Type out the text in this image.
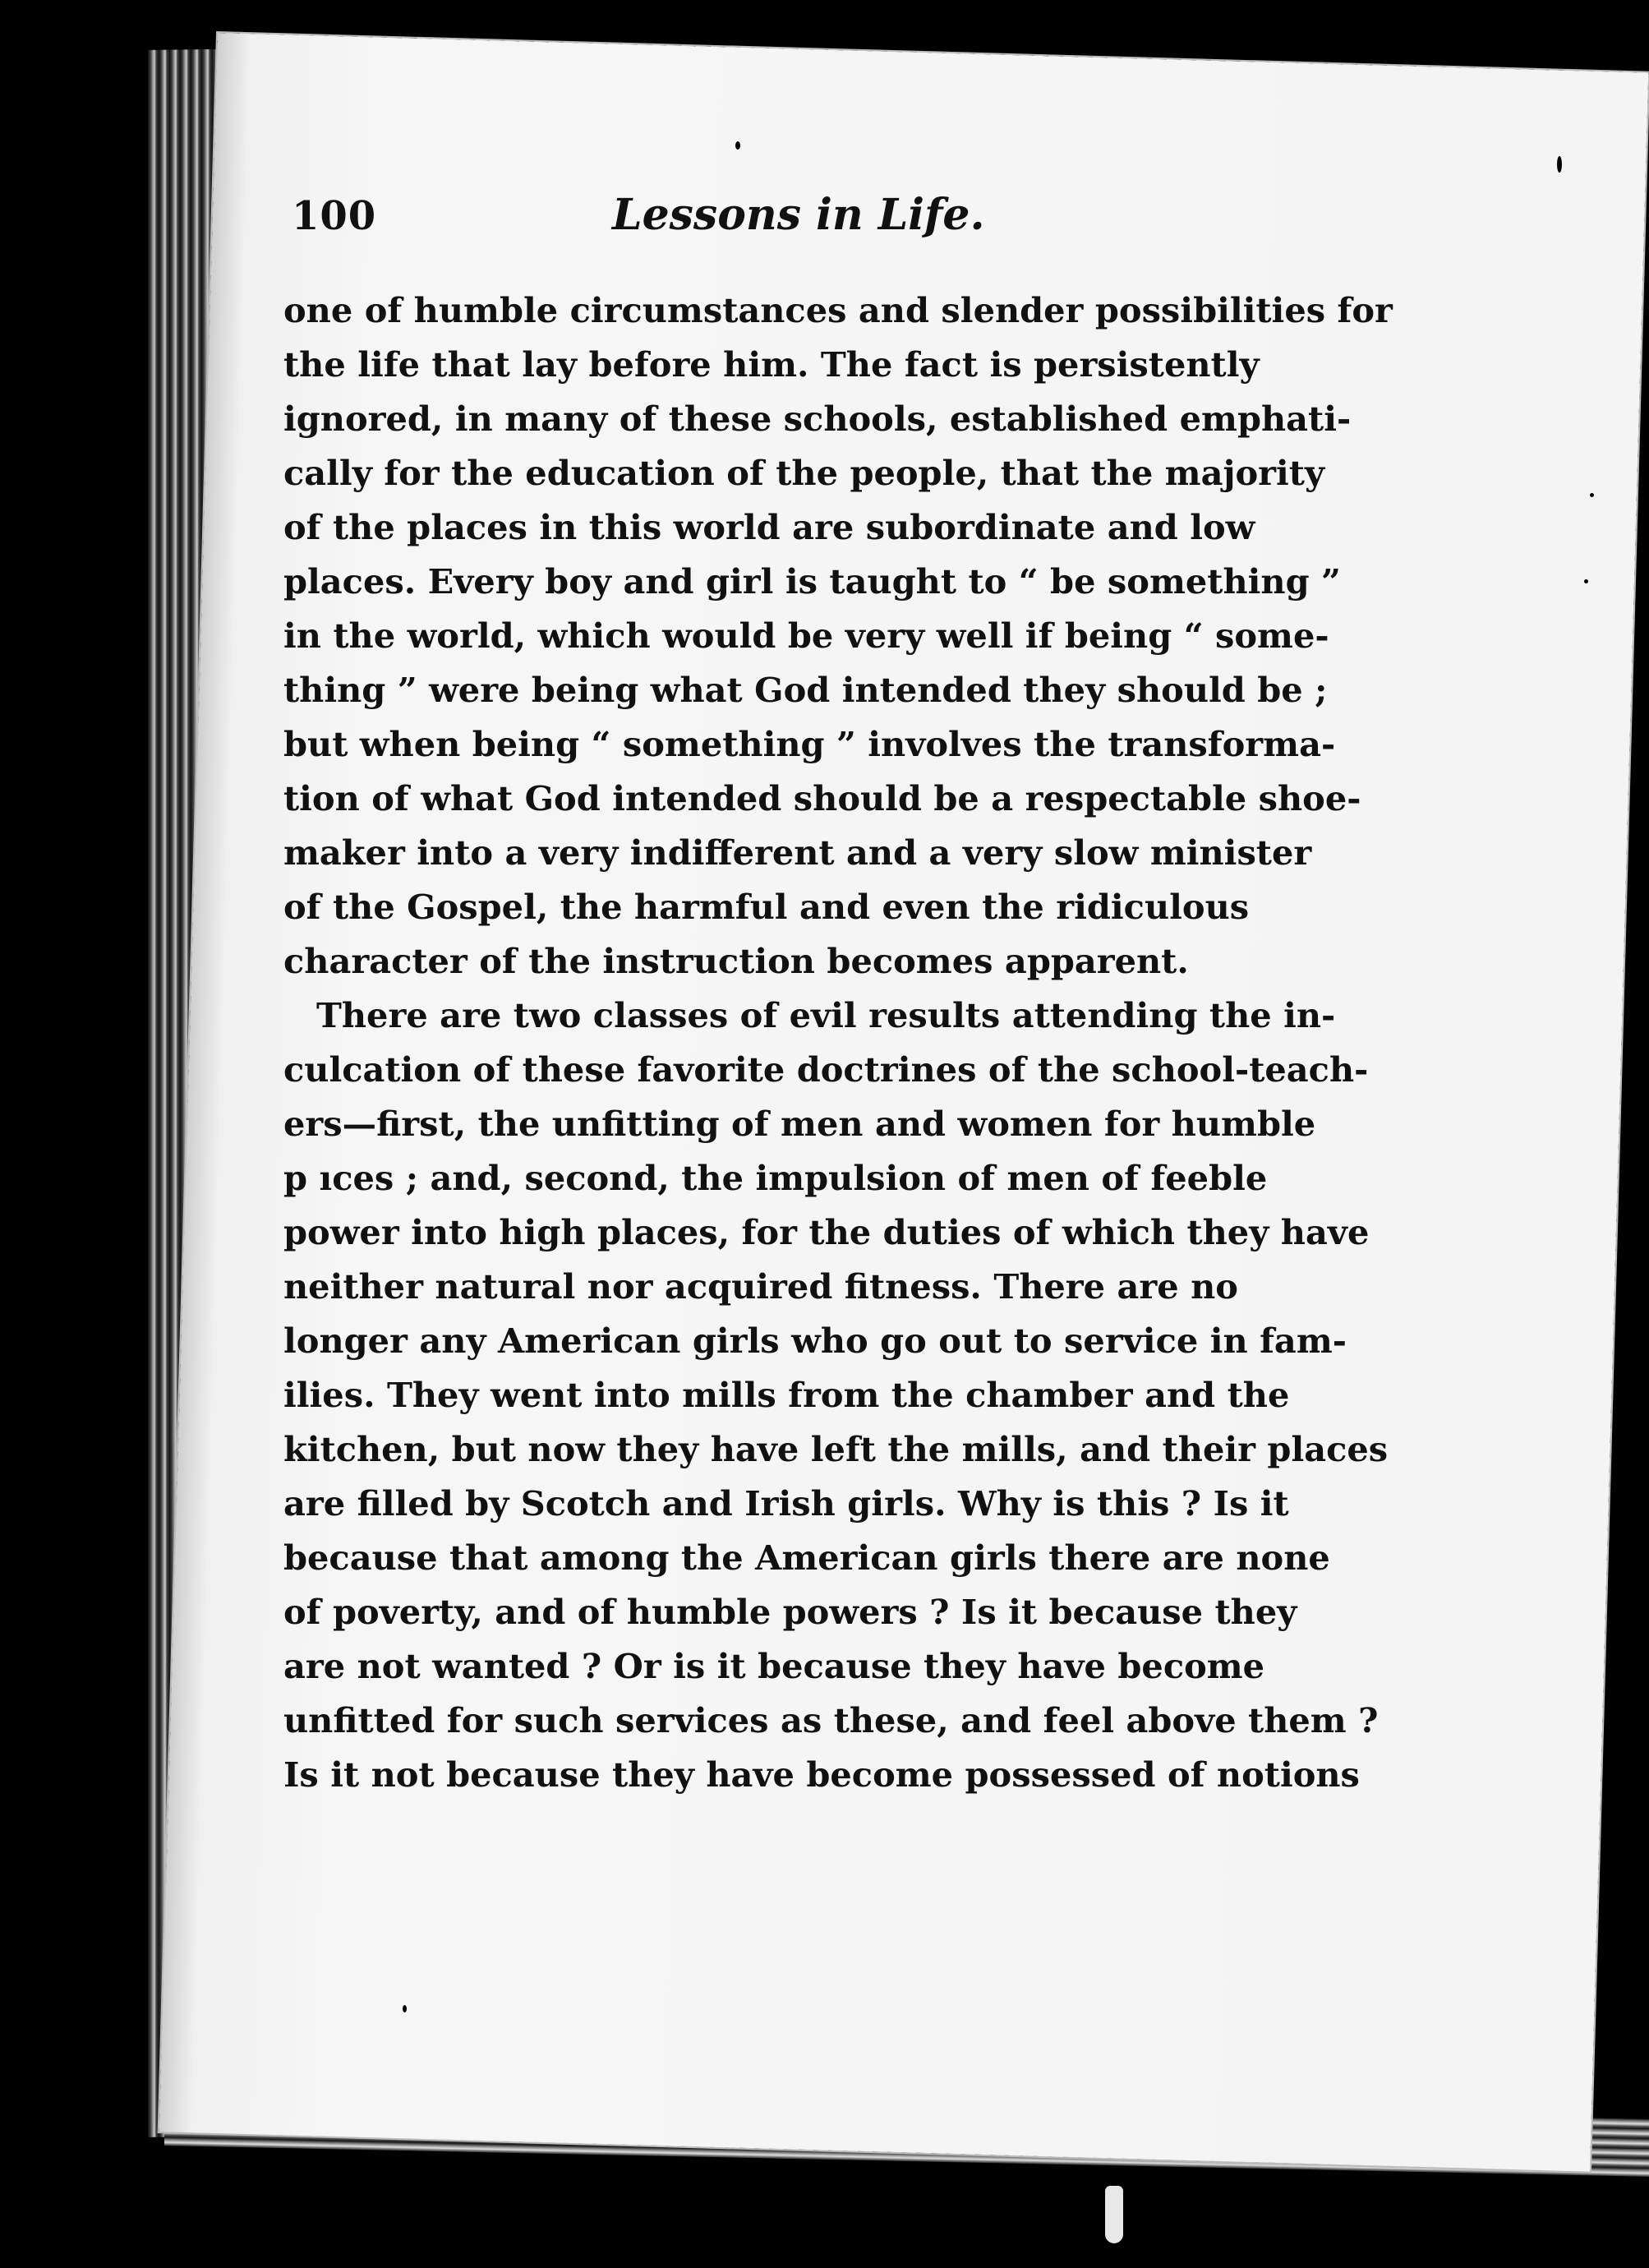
100	Lessons in Life.

one of humble circumstances and slender possibilities for
the life that lay before him. The fact is persistently
ignored, in many of these schools, established emphati-
cally for the education of the people, that the majority
of the places in this world are subordinate and low
places. Every boy and girl is taught to “ be something ”
in the world, which would be very well if being “ some-
thing ” were being what God intended they should be ;
but when being “ something ” involves the transforma-
tion of what God intended should be a respectable shoe-
maker into a very indifferent and a very slow minister
of the Gospel, the harmful and even the ridiculous
character of the instruction becomes apparent.

There are two classes of evil results attending the in-
culcation of these favorite doctrines of the school-teach-
ers—first, the unfitting of men and women for humble
p ıces ; and, second, the impulsion of men of feeble
power into high places, for the duties of which they have
neither natural nor acquired fitness. There are no
longer any American girls who go out to service in fam-
ilies. They went into mills from the chamber and the
kitchen, but now they have left the mills, and their places
are filled by Scotch and Irish girls. Why is this ? Is it
because that among the American girls there are none
of poverty, and of humble powers ? Is it because they
are not wanted ? Or is it because they have become
unfitted for such services as these, and feel above them ?
Is it not because they have become possessed of notions
